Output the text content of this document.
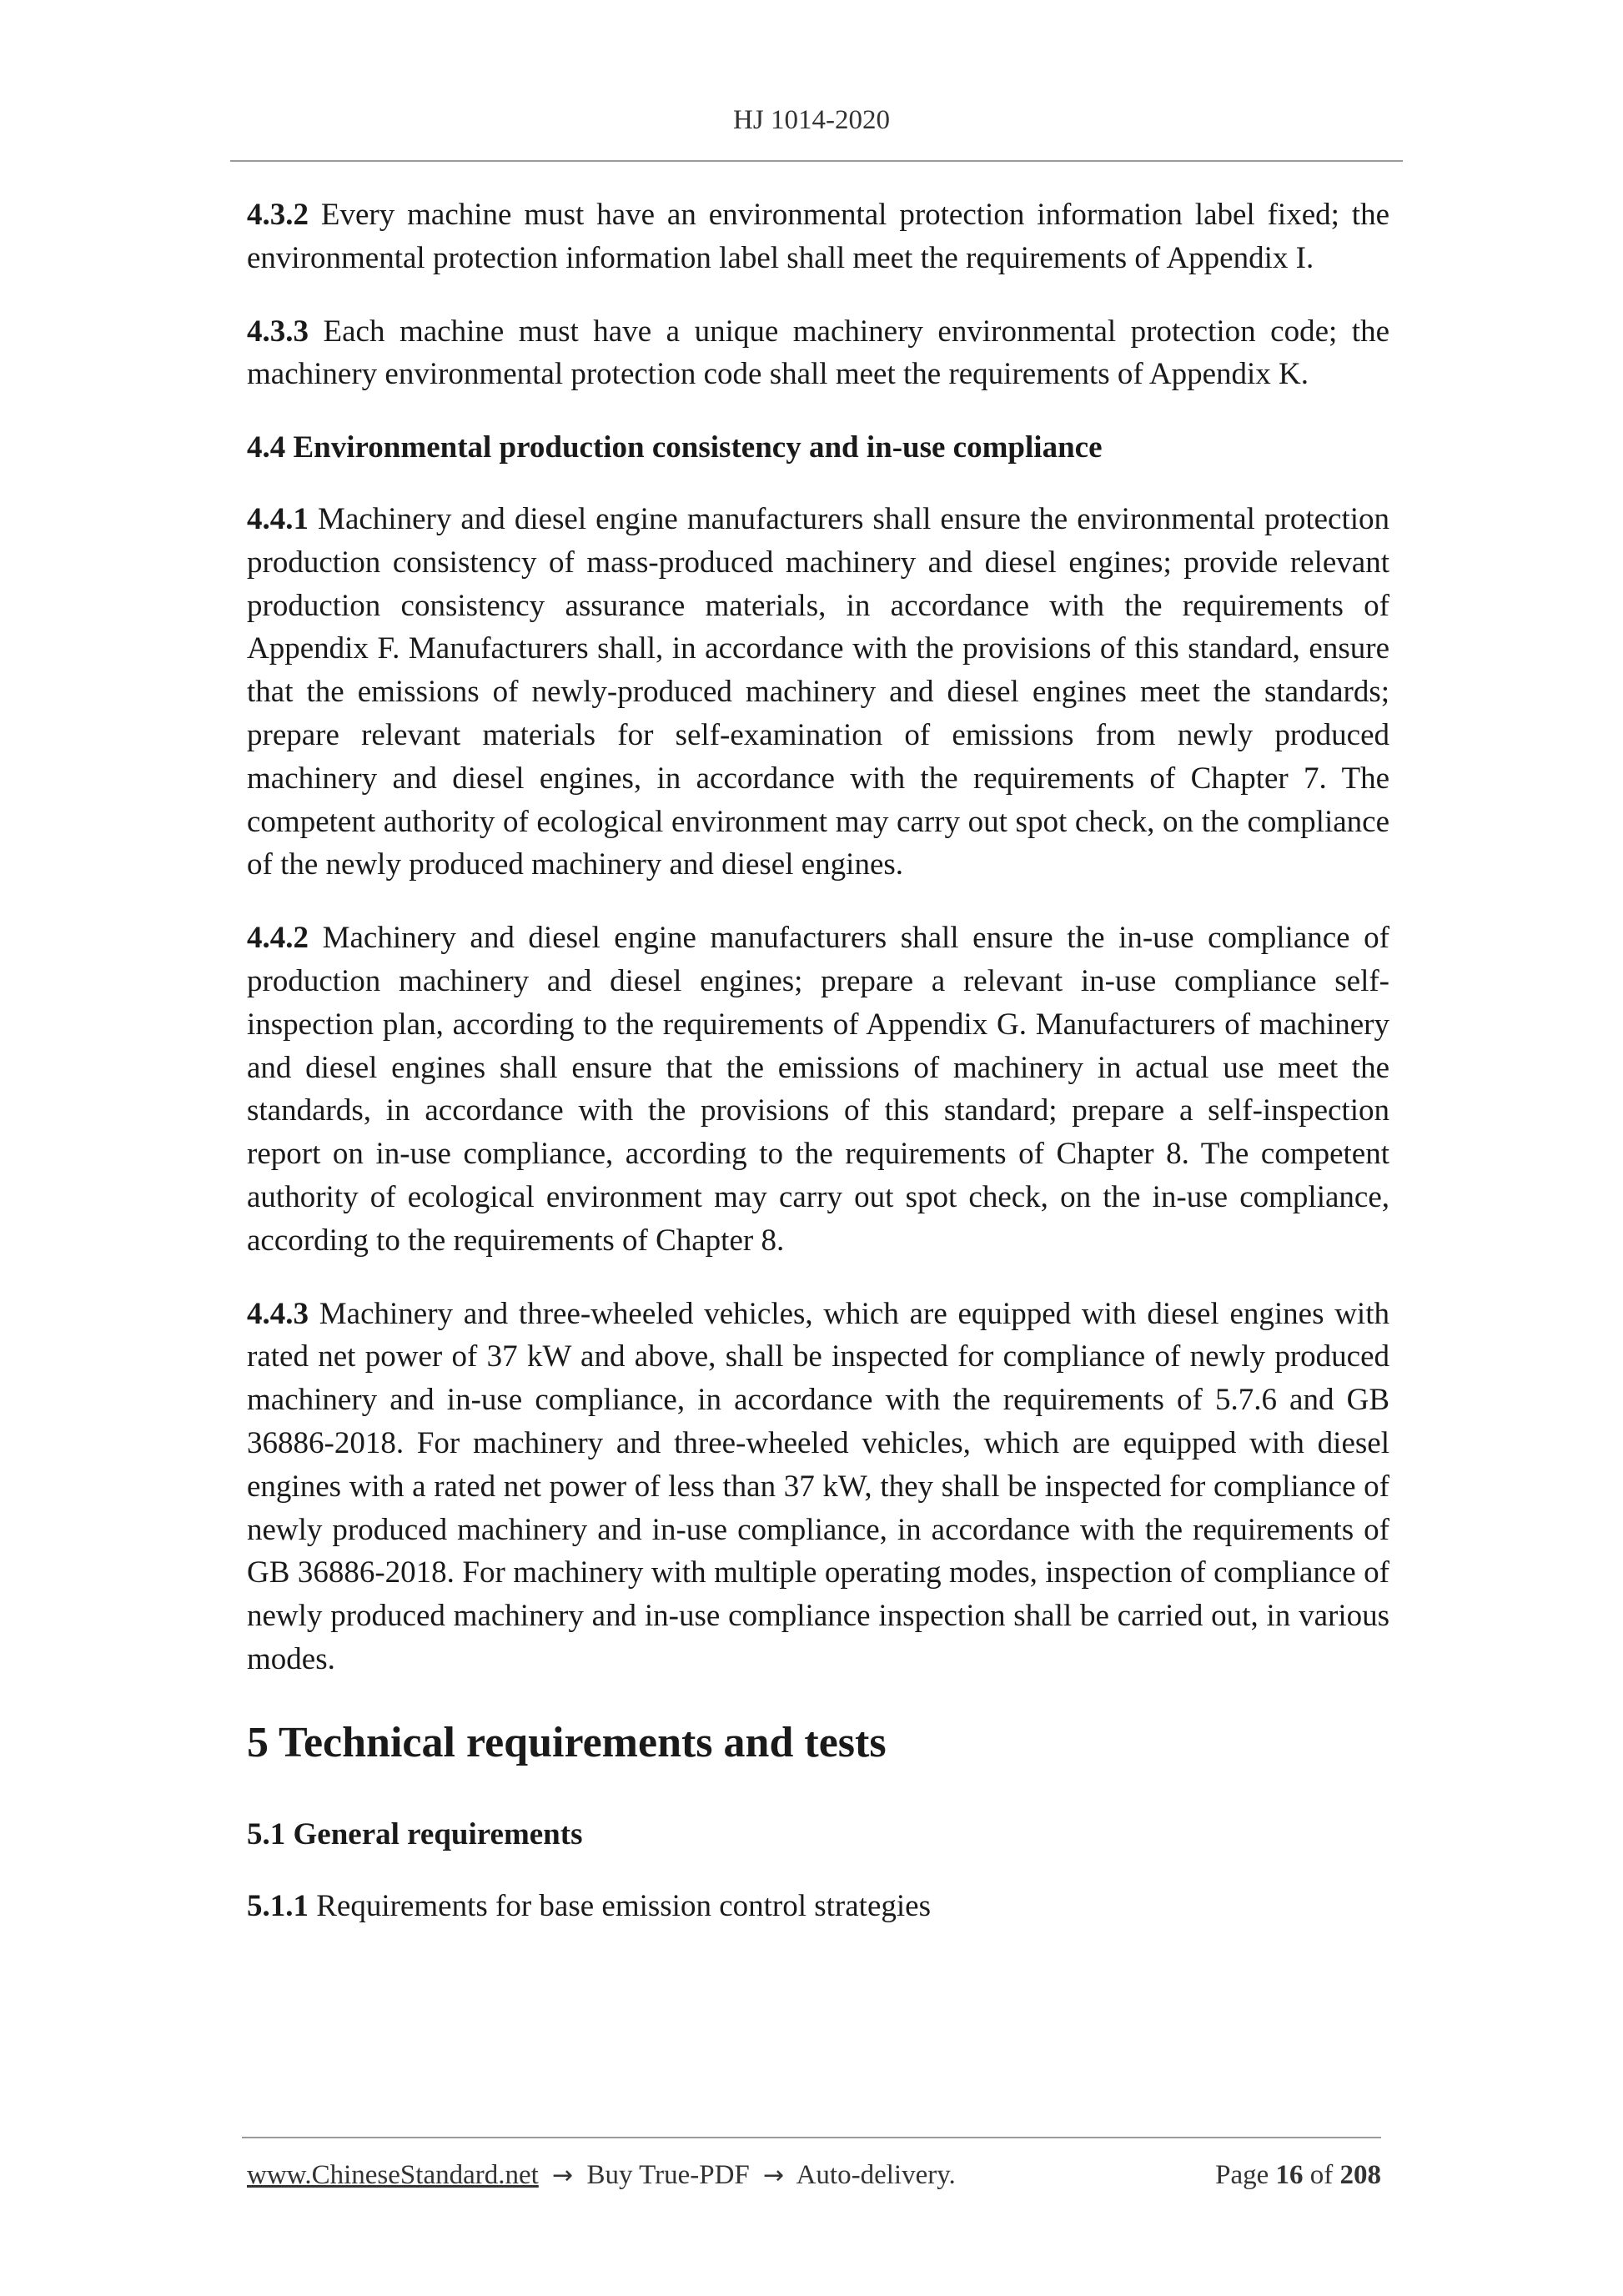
HJ 1014-2020

4.3.2 Every machine must have an environmental protection information label fixed; the environmental protection information label shall meet the requirements of Appendix I.

4.3.3 Each machine must have a unique machinery environmental protection code; the machinery environmental protection code shall meet the requirements of Appendix K.

4.4 Environmental production consistency and in-use compliance

4.4.1 Machinery and diesel engine manufacturers shall ensure the environmental protection production consistency of mass-produced machinery and diesel engines; provide relevant production consistency assurance materials, in accordance with the requirements of Appendix F. Manufacturers shall, in accordance with the provisions of this standard, ensure that the emissions of newly-produced machinery and diesel engines meet the standards; prepare relevant materials for self-examination of emissions from newly produced machinery and diesel engines, in accordance with the requirements of Chapter 7. The competent authority of ecological environment may carry out spot check, on the compliance of the newly produced machinery and diesel engines.

4.4.2 Machinery and diesel engine manufacturers shall ensure the in-use compliance of production machinery and diesel engines; prepare a relevant in-use compliance self-inspection plan, according to the requirements of Appendix G. Manufacturers of machinery and diesel engines shall ensure that the emissions of machinery in actual use meet the standards, in accordance with the provisions of this standard; prepare a self-inspection report on in-use compliance, according to the requirements of Chapter 8. The competent authority of ecological environment may carry out spot check, on the in-use compliance, according to the requirements of Chapter 8.

4.4.3 Machinery and three-wheeled vehicles, which are equipped with diesel engines with rated net power of 37 kW and above, shall be inspected for compliance of newly produced machinery and in-use compliance, in accordance with the requirements of 5.7.6 and GB 36886-2018. For machinery and three-wheeled vehicles, which are equipped with diesel engines with a rated net power of less than 37 kW, they shall be inspected for compliance of newly produced machinery and in-use compliance, in accordance with the requirements of GB 36886-2018. For machinery with multiple operating modes, inspection of compliance of newly produced machinery and in-use compliance inspection shall be carried out, in various modes.

5 Technical requirements and tests
5.1 General requirements

5.1.1 Requirements for base emission control strategies

www.ChineseStandard.net → Buy True-PDF → Auto-delivery.	Page 16 of 208
